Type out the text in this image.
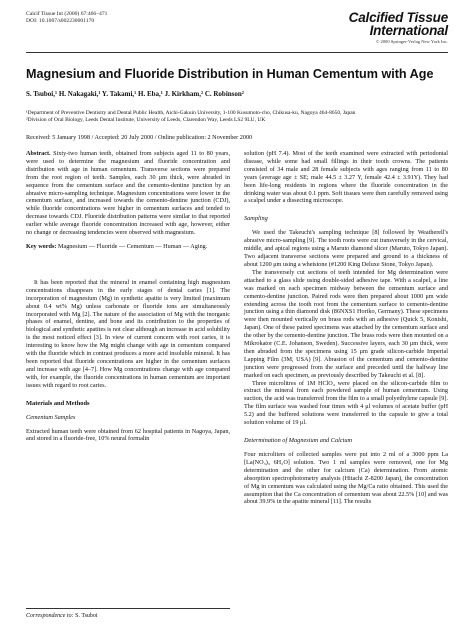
Calcif Tissue Int (2000) 67:466–471
DOI: 10.1007/s002230001170	Calcified Tissue
International
© 2000 Springer-Verlag New York Inc.
Magnesium and Fluoride Distribution in Human Cementum with Age
S. Tsuboi,¹ H. Nakagaki,¹ Y. Takami,¹ H. Eba,¹ J. Kirkham,² C. Robinson²
¹Department of Preventive Dentistry and Dental Public Health, Aichi-Gakuin University, 1-100 Kusumoto-cho, Chikusa-ku, Nagoya 464-8650, Japan
²Division of Oral Biology, Leeds Dental Institute, University of Leeds, Clarendon Way, Leeds LS2 9LU, UK
Received: 5 January 1998 / Accepted: 20 July 2000 / Online publication: 2 November 2000

Abstract. Sixty-two human teeth, obtained from subjects aged 11 to 80 years, were used to determine the magnesium and fluoride concentration and distribution with age in human cementum. Transverse sections were prepared from the root region of teeth. Samples, each 30 μm thick, were abraded in sequence from the cementum surface and the cemento-dentine junction by an abrasive micro-sampling technique. Magnesium concentrations were lower in the cementum surface, and increased towards the cemento-dentine junction (CDJ), while fluoride concentrations were higher in cementum surfaces and tended to decrease towards CDJ. Fluoride distribution patterns were similar to that reported earlier while average fluoride concentration increased with age, however, either no change or decreasing tendencies were observed with magnesium.

Key words: Magnesium — Fluoride — Cementum — Human — Aging.

It has been reported that the mineral in enamel containing high magnesium concentrations disappears in the early stages of dental caries [1]. The incorporation of magnesium (Mg) in synthetic apatite is very limited (maximum about 0.4 wt% Mg) unless carbonate or fluoride ions are simultaneously incorporated with Mg [2]. The nature of the association of Mg with the inorganic phases of enamel, dentine, and bone and its contribution to the properties of biological and synthetic apatites is not clear although an increase in acid solubility is the most noticed effect [3]. In view of current concern with root caries, it is interesting to know how the Mg might change with age in cementum compared with the fluoride which in contrast produces a more acid insoluble mineral. It has been reported that fluoride concentrations are higher in the cementum surfaces and increase with age [4–7]. How Mg concentrations change with age compared with, for example, the fluoride concentrations in human cementum are important issues with regard to root caries.

Materials and Methods
Cementum Samples

Extracted human teeth were obtained from 62 hospital patients in Nagoya, Japan, and stored in a fluoride-free, 10% neural formalin

solution (pH 7.4). Most of the teeth examined were extracted with periodontal disease, while some had small fillings in their tooth crowns. The patients consisted of 34 male and 28 female subjects with ages ranging from 11 to 80 years (average age ± SE; male 44.5 ± 3.27 Y, female 42.4 ± 3.91Y). They had been life-long residents in regions where the fluoride concentration in the drinking water was about 0.1 ppm. Soft tissues were then carefully removed using a scalpel under a dissecting microscope.

Sampling

We used the Takeuchi's sampling technique [8] followed by Weatherell's abrasive micro-sampling [9]. The tooth roots were cut transversely in the cervical, middle, and apical regions using a Maruto diamond slicer (Maruto, Tokyo Japan). Two adjacent transverse sections were prepared and ground to a thickness of about 1200 μm using a whetstone (#1200 King Deluxe Stone, Tokyo Japan).

The transversely cut sections of teeth intended for Mg determination were attached to a glass slide using double-sided adhesive tape. With a scalpel, a line was marked on each specimen midway between the cementum surface and cemento-dentine junction. Paired rods were then prepared about 1000 μm wide extending across the tooth root from the cementum surface to cemento-dentine junction using a thin diamond disk (86NXS1 Horiko, Germany). These specimens were then mounted vertically on brass rods with an adhesive (Quick 5, Konishi, Japan). One of these paired specimens was attached by the cementum surface and the other by the cemento-dentine junction. The brass rods were then mounted on a Mikrokator (C.E. Johanson, Sweden). Successive layers, each 30 μm thick, were then abraded from the specimens using 15 μm grade silicon-carbide Imperial Lapping Film (3M, USA) [9]. Abrasion of the cementum and cemento-dentine junction were progressed from the surface and preceded until the halfway line marked on each specimen, as previously described by Takeuchi et al. [8].

Three microlitres of 1M HClO₄ were placed on the silicon-carbide film to extract the mineral from each powdered sample of human cementum. Using suction, the acid was transferred from the film to a small polyethylene capsule [9]. The film surface was washed four times with 4 μl volumes of acetate buffer (pH 5.2) and the buffered solutions were transferred to the capsule to give a total solution volume of 19 μl.

Determination of Magnesium and Calcium

Four microliters of collected samples were put into 2 ml of a 3000 ppm La [La(NO₃)₃ 6H₂O] solution. Two 1 ml samples were removed, one for Mg determination and the other for calcium (Ca) determination. From atomic absorption spectrophotometry analysis (Hitachi Z-8200 Japan), the concentration of Mg in cementum was calculated using the Mg/Ca ratio obtained. This used the assumption that the Ca concentration of cementum was about 22.5% [10] and was about 39.9% in the apatite mineral [11]. The results

Correspondence to: S. Tsuboi
